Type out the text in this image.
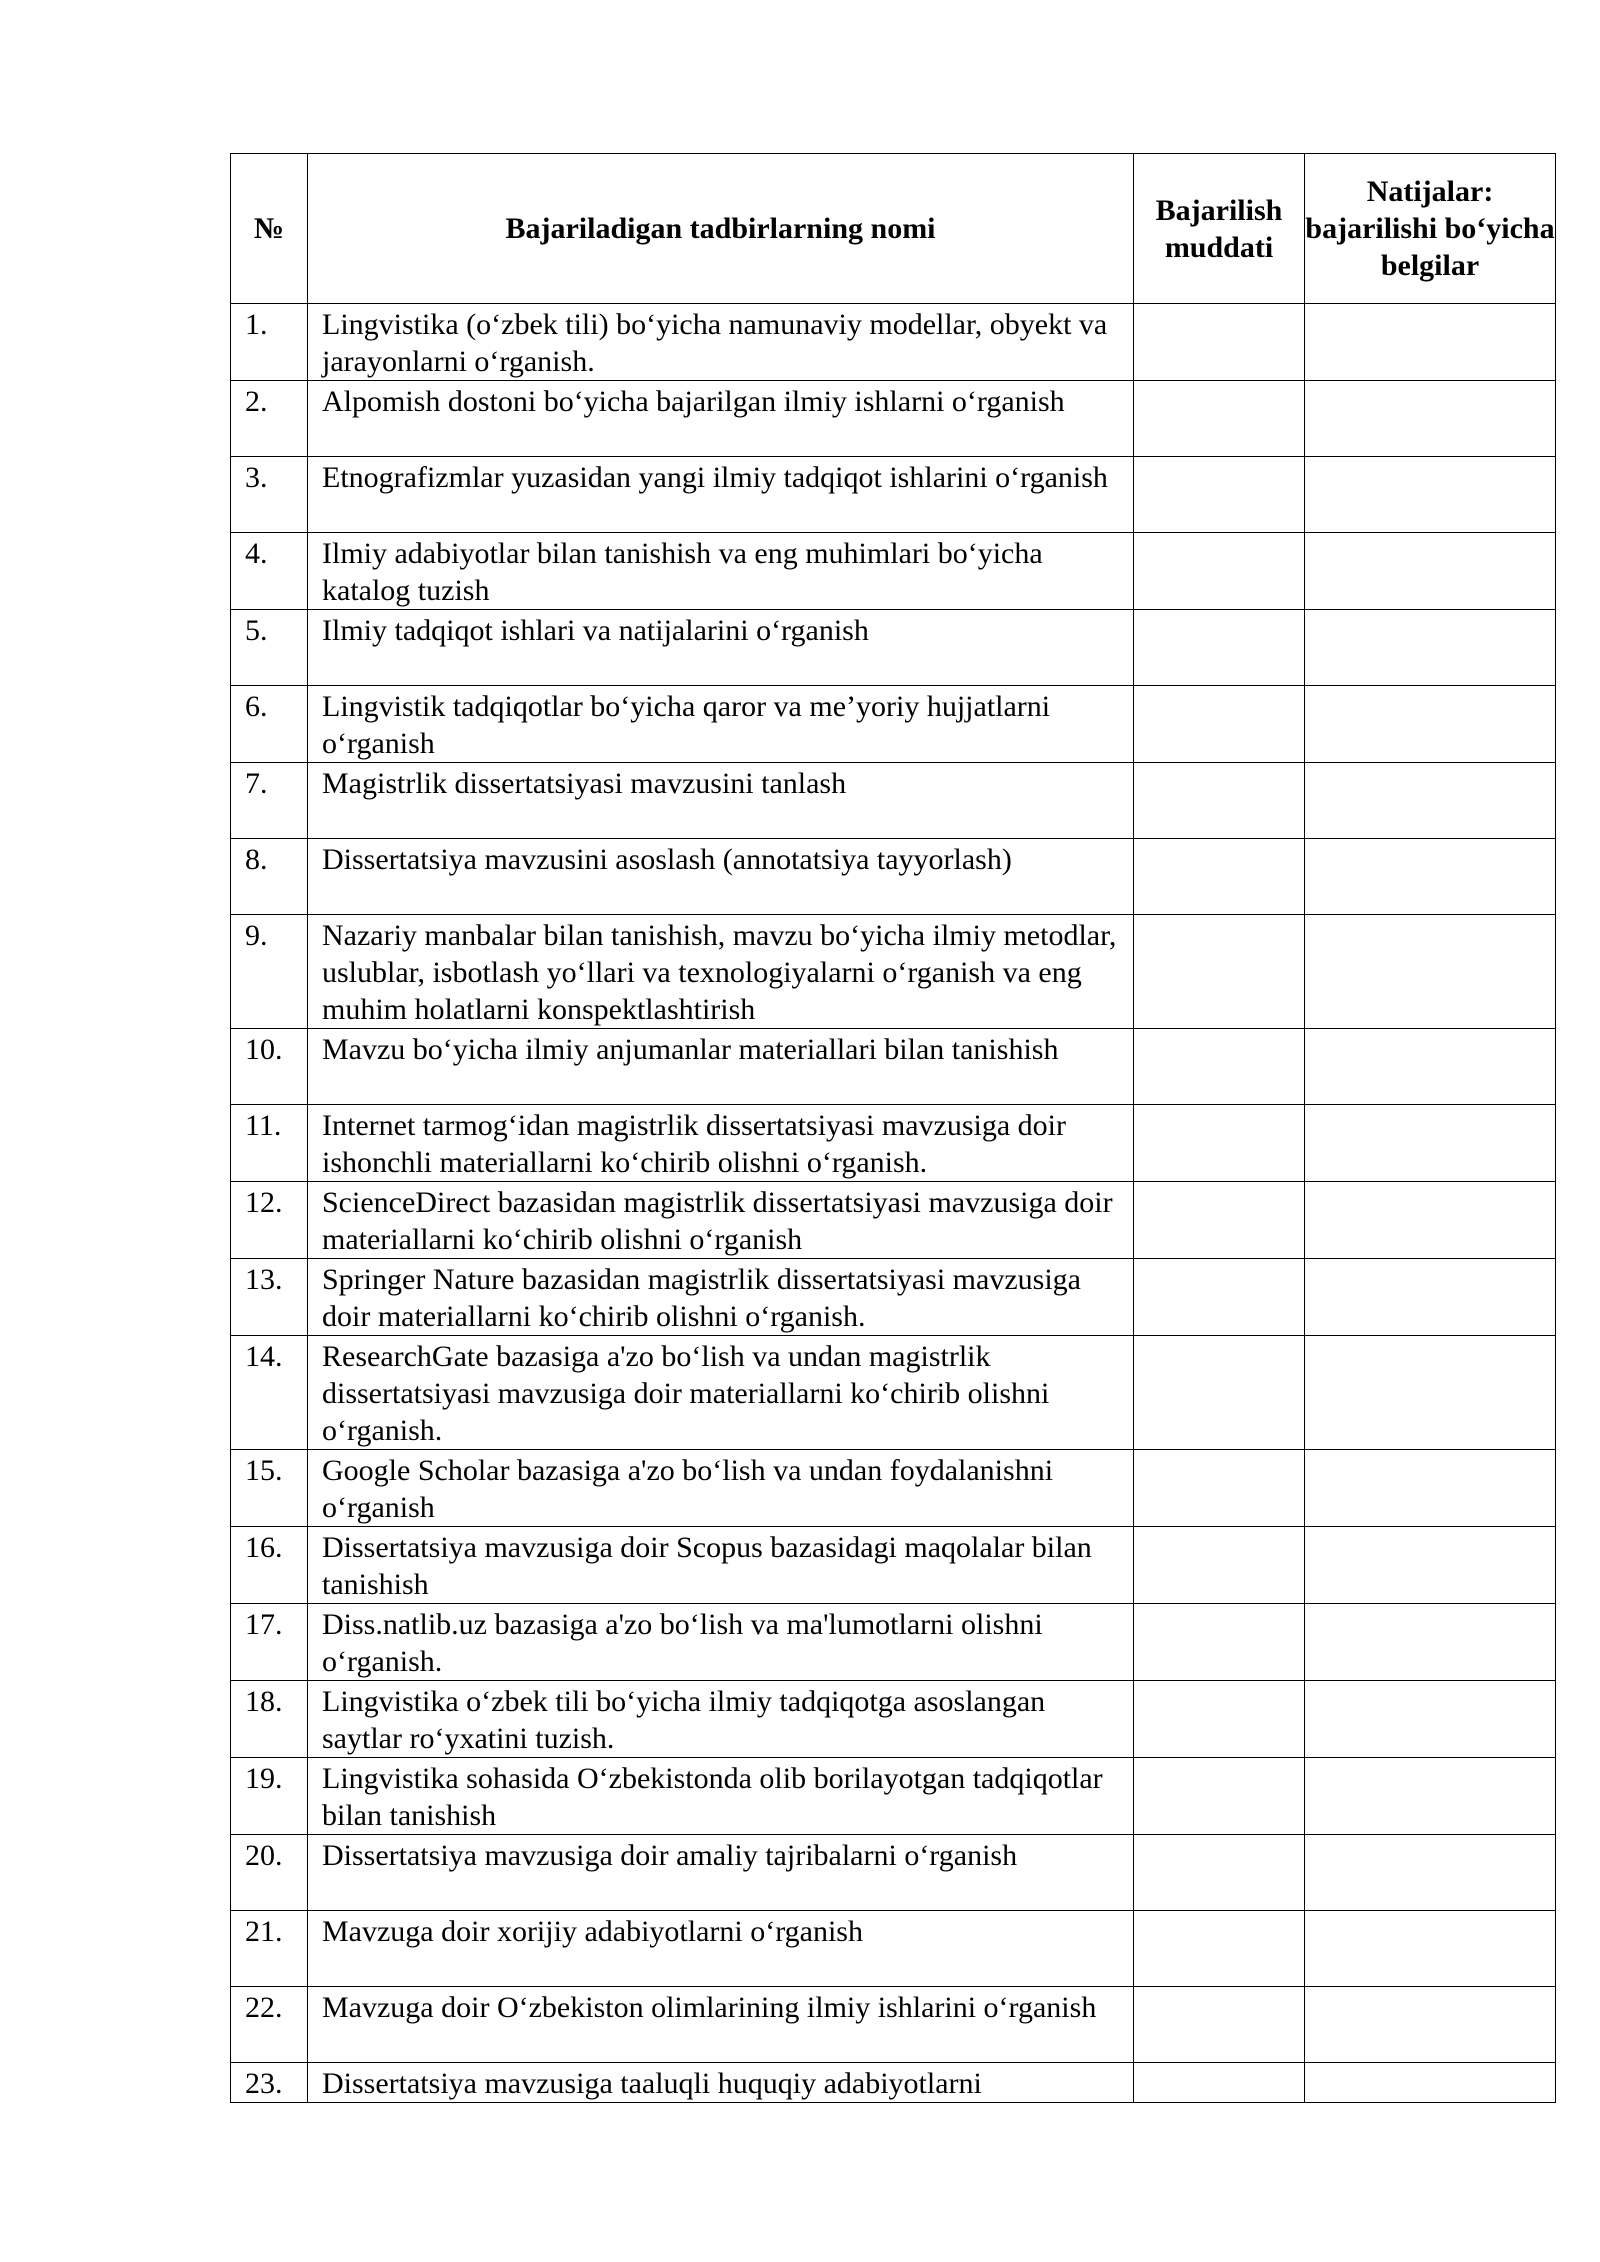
№	Bajariladigan tadbirlarning nomi	Bajarilish muddati	Natijalar: bajarilishi bo‘yicha belgilar

1.	Lingvistika (o‘zbek tili) bo‘yicha namunaviy modellar, obyekt va jarayonlarni o‘rganish.		
2.	Alpomish dostoni bo‘yicha bajarilgan ilmiy ishlarni o‘rganish		
3.	Etnografizmlar yuzasidan yangi ilmiy tadqiqot ishlarini o‘rganish		
4.	Ilmiy adabiyotlar bilan tanishish va eng muhimlari bo‘yicha katalog tuzish		
5.	Ilmiy tadqiqot ishlari va natijalarini o‘rganish		
6.	Lingvistik tadqiqotlar bo‘yicha qaror va me’yoriy hujjatlarni o‘rganish		
7.	Magistrlik dissertatsiyasi mavzusini tanlash		
8.	Dissertatsiya mavzusini asoslash (annotatsiya tayyorlash)		
9.	Nazariy manbalar bilan tanishish, mavzu bo‘yicha ilmiy metodlar, uslublar, isbotlash yo‘llari va texnologiyalarni o‘rganish va eng muhim holatlarni konspektlashtirish		
10.	Mavzu bo‘yicha ilmiy anjumanlar materiallari bilan tanishish		
11.	Internet tarmog‘idan magistrlik dissertatsiyasi mavzusiga doir ishonchli materiallarni ko‘chirib olishni o‘rganish.		
12.	ScienceDirect bazasidan magistrlik dissertatsiyasi mavzusiga doir materiallarni ko‘chirib olishni o‘rganish		
13.	Springer Nature bazasidan magistrlik dissertatsiyasi mavzusiga doir materiallarni ko‘chirib olishni o‘rganish.		
14.	ResearchGate bazasiga a'zo bo‘lish va undan magistrlik dissertatsiyasi mavzusiga doir materiallarni ko‘chirib olishni o‘rganish.		
15.	Google Scholar bazasiga a'zo bo‘lish va undan foydalanishni o‘rganish		
16.	Dissertatsiya mavzusiga doir Scopus bazasidagi maqolalar bilan tanishish		
17.	Diss.natlib.uz bazasiga a'zo bo‘lish va ma'lumotlarni olishni o‘rganish.		
18.	Lingvistika o‘zbek tili bo‘yicha ilmiy tadqiqotga asoslangan saytlar ro‘yxatini tuzish.		
19.	Lingvistika sohasida O‘zbekistonda olib borilayotgan tadqiqotlar bilan tanishish		
20.	Dissertatsiya mavzusiga doir amaliy tajribalarni o‘rganish		
21.	Mavzuga doir xorijiy adabiyotlarni o‘rganish		
22.	Mavzuga doir O‘zbekiston olimlarining ilmiy ishlarini o‘rganish		
23.	Dissertatsiya mavzusiga taaluqli huquqiy adabiyotlarni		
